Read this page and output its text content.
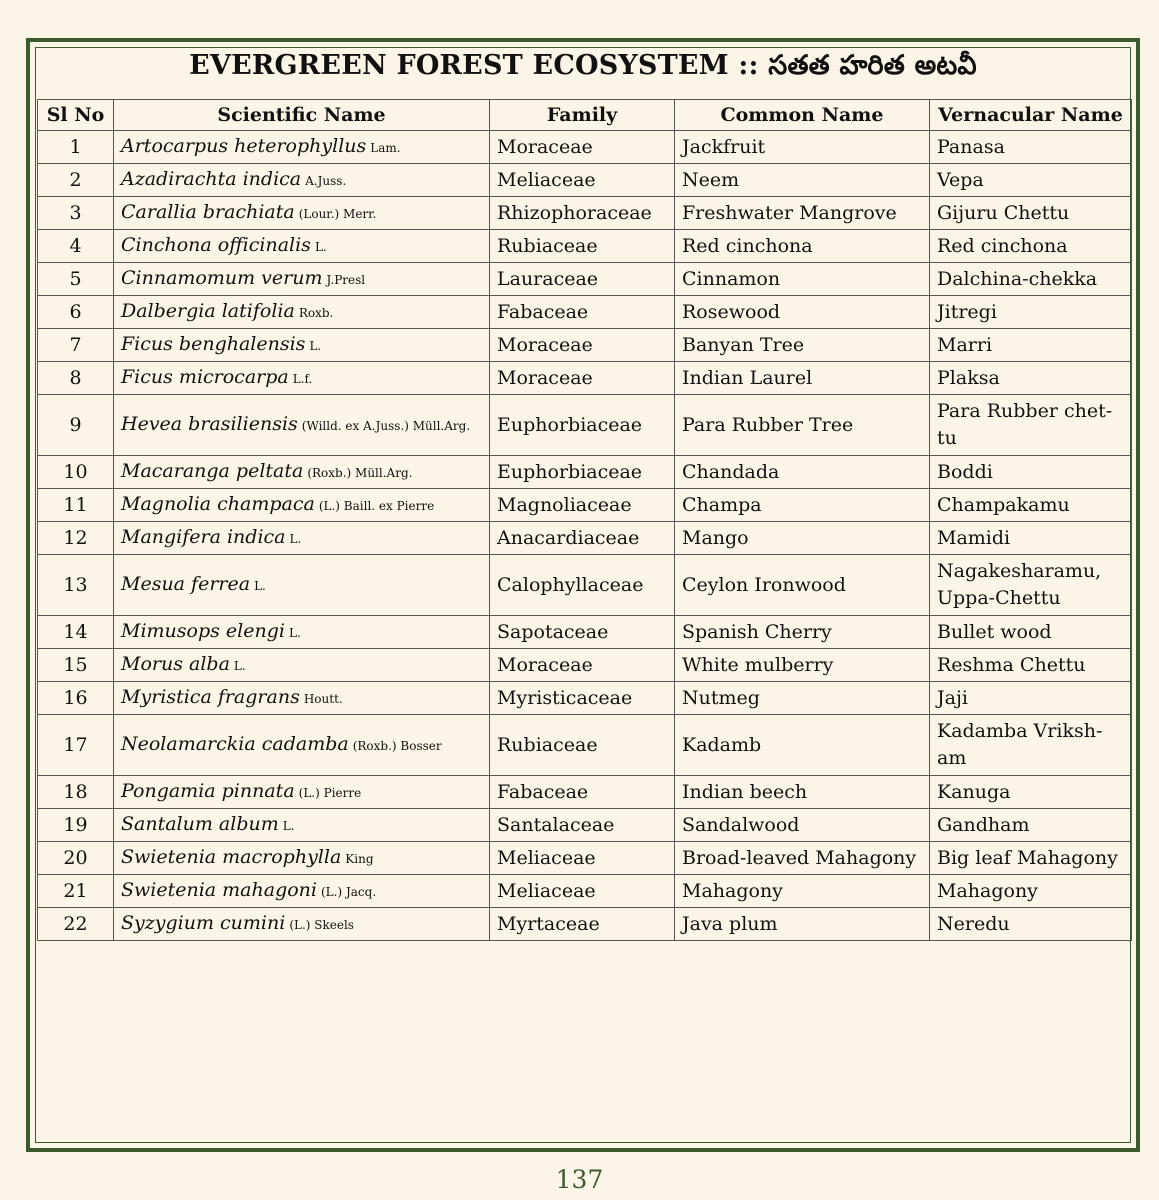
EVERGREEN FOREST ECOSYSTEM :: సతత హరిత అటవీ
Sl No	Scientific Name	Family	Common Name	Vernacular Name
1	Artocarpus heterophyllus Lam.	Moraceae	Jackfruit	Panasa
2	Azadirachta indica A.Juss.	Meliaceae	Neem	Vepa
3	Carallia brachiata (Lour.) Merr.	Rhizophoraceae	Freshwater Mangrove	Gijuru Chettu
4	Cinchona officinalis L.	Rubiaceae	Red cinchona	Red cinchona
5	Cinnamomum verum J.Presl	Lauraceae	Cinnamon	Dalchina-chekka
6	Dalbergia latifolia Roxb.	Fabaceae	Rosewood	Jitregi
7	Ficus benghalensis L.	Moraceae	Banyan Tree	Marri
8	Ficus microcarpa L.f.	Moraceae	Indian Laurel	Plaksa
9	Hevea brasiliensis (Willd. ex A.Juss.) Müll.Arg.	Euphorbiaceae	Para Rubber Tree	Para Rubber chet-tu
10	Macaranga peltata (Roxb.) Müll.Arg.	Euphorbiaceae	Chandada	Boddi
11	Magnolia champaca (L.) Baill. ex Pierre	Magnoliaceae	Champa	Champakamu
12	Mangifera indica L.	Anacardiaceae	Mango	Mamidi
13	Mesua ferrea L.	Calophyllaceae	Ceylon Ironwood	Nagakesharamu, Uppa-Chettu
14	Mimusops elengi L.	Sapotaceae	Spanish Cherry	Bullet wood
15	Morus alba L.	Moraceae	White mulberry	Reshma Chettu
16	Myristica fragrans Houtt.	Myristicaceae	Nutmeg	Jaji
17	Neolamarckia cadamba (Roxb.) Bosser	Rubiaceae	Kadamb	Kadamba Vriksh-am
18	Pongamia pinnata (L.) Pierre	Fabaceae	Indian beech	Kanuga
19	Santalum album L.	Santalaceae	Sandalwood	Gandham
20	Swietenia macrophylla King	Meliaceae	Broad-leaved Mahagony	Big leaf Mahagony
21	Swietenia mahagoni (L.) Jacq.	Meliaceae	Mahagony	Mahagony
22	Syzygium cumini (L.) Skeels	Myrtaceae	Java plum	Neredu

137
